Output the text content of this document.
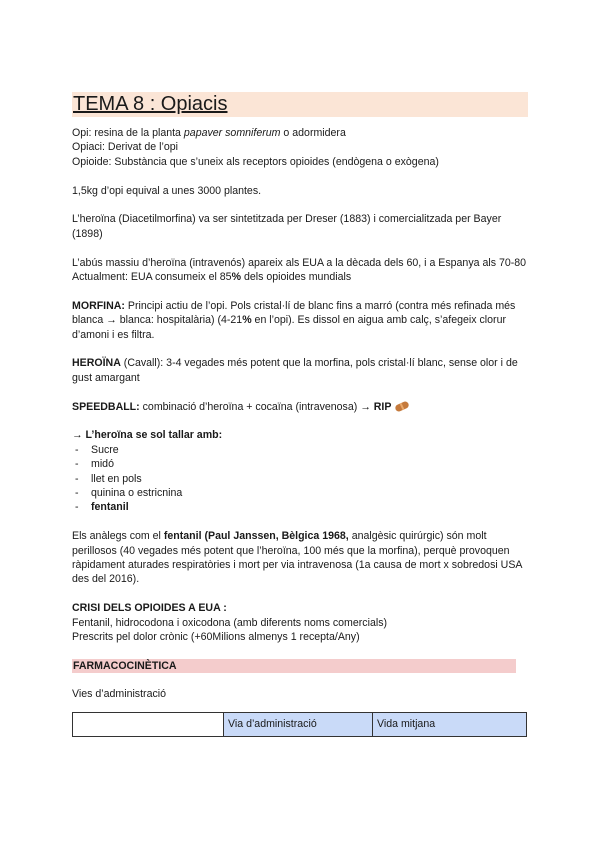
TEMA 8 : Opiacis

Opi: resina de la planta papaver somniferum o adormidera

Opiaci: Derivat de l’opi

Opioide: Substància que s’uneix als receptors opioides (endògena o exògena)

1,5kg d’opi equival a unes 3000 plantes.

L’heroïna (Diacetilmorfina) va ser sintetitzada per Dreser (1883) i comercialitzada per Bayer (1898)

L’abús massiu d’heroïna (intravenós) apareix als EUA a la dècada dels 60, i a Espanya als 70-80

Actualment: EUA consumeix el 85% dels opioides mundials

MORFINA: Principi actiu de l’opi. Pols cristal·lí de blanc fins a marró (contra més refinada més blanca → blanca: hospitalària) (4-21% en l’opi). Es dissol en aigua amb calç, s’afegeix clorur d’amoni i es filtra.

HEROÏNA (Cavall): 3-4 vegades més potent que la morfina, pols cristal·lí blanc, sense olor i de gust amargant

SPEEDBALL: combinació d’heroïna + cocaïna (intravenosa) → RIP

→ L’heroïna se sol tallar amb:

- Sucre
- midó
- llet en pols
- quinina o estricnina
- fentanil

Els anàlegs com el fentanil (Paul Janssen, Bèlgica 1968, analgèsic quirúrgic) són molt perillosos (40 vegades més potent que l’heroïna, 100 més que la morfina), perquè provoquen ràpidament aturades respiratòries i mort per via intravenosa (1a causa de mort x sobredosi USA des del 2016).

CRISI DELS OPIOIDES A EUA :

Fentanil, hidrocodona i oxicodona (amb diferents noms comercials)

Prescrits pel dolor crònic (+60Milions almenys 1 recepta/Any)

FARMACOCINÈTICA

Vies d’administració

	Via d’administració	Vida mitjana
